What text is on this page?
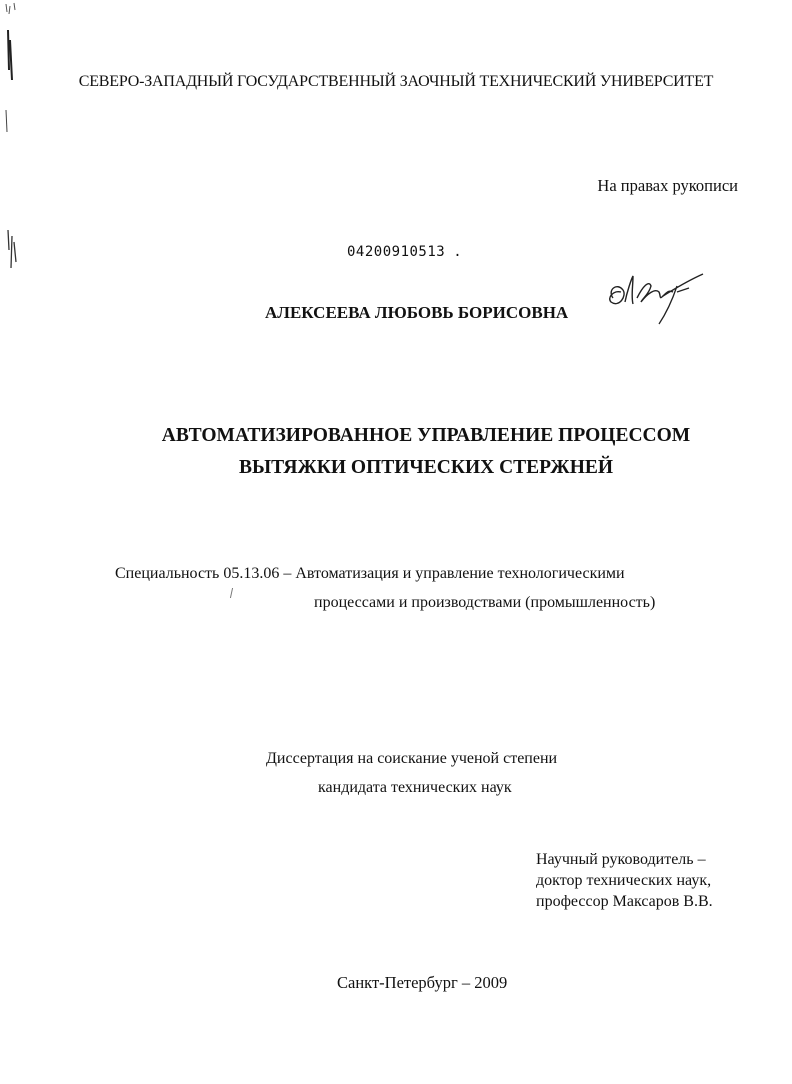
СЕВЕРО-ЗАПАДНЫЙ ГОСУДАРСТВЕННЫЙ ЗАОЧНЫЙ ТЕХНИЧЕСКИЙ УНИВЕРСИТЕТ
На правах рукописи
04200910513 .
АЛЕКСЕЕВА ЛЮБОВЬ БОРИСОВНА
АВТОМАТИЗИРОВАННОЕ УПРАВЛЕНИЕ ПРОЦЕССОМ
ВЫТЯЖКИ ОПТИЧЕСКИХ СТЕРЖНЕЙ
Специальность 05.13.06 – Автоматизация и управление технологическими
процессами и производствами (промышленность)
Диссертация на соискание ученой степени
кандидата технических наук
Научный руководитель –
доктор технических наук,
профессор Максаров В.В.
Санкт-Петербург – 2009
